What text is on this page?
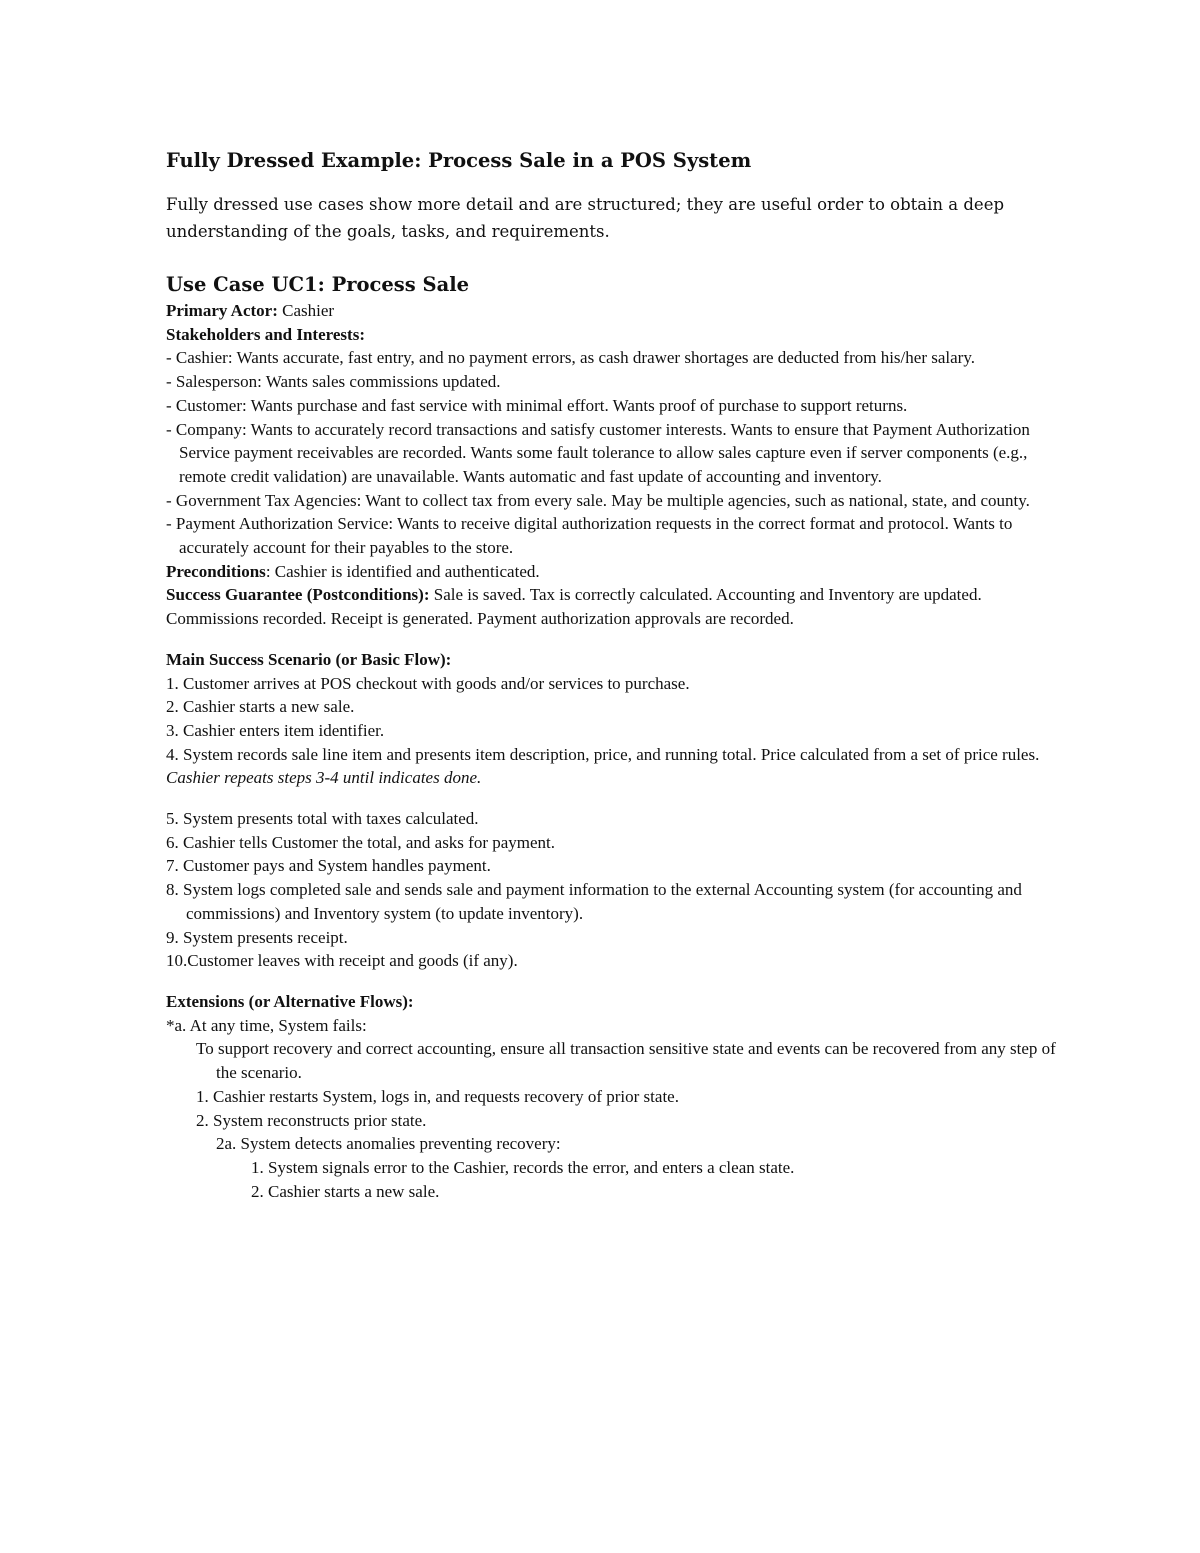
Fully Dressed Example: Process Sale in a POS System

Fully dressed use cases show more detail and are structured; they are useful order to obtain a deep understanding of the goals, tasks, and requirements.

Use Case UC1: Process Sale

Primary Actor: Cashier

Stakeholders and Interests:

- Cashier: Wants accurate, fast entry, and no payment errors, as cash drawer shortages are deducted from his/her salary.

- Salesperson: Wants sales commissions updated.

- Customer: Wants purchase and fast service with minimal effort. Wants proof of purchase to support returns.

- Company: Wants to accurately record transactions and satisfy customer interests. Wants to ensure that Payment Authorization Service payment receivables are recorded. Wants some fault tolerance to allow sales capture even if server components (e.g., remote credit validation) are unavailable. Wants automatic and fast update of accounting and inventory.

- Government Tax Agencies: Want to collect tax from every sale. May be multiple agencies, such as national, state, and county.

- Payment Authorization Service: Wants to receive digital authorization requests in the correct format and protocol. Wants to accurately account for their payables to the store.

Preconditions: Cashier is identified and authenticated.

Success Guarantee (Postconditions): Sale is saved. Tax is correctly calculated. Accounting and Inventory are updated. Commissions recorded. Receipt is generated. Payment authorization approvals are recorded.

Main Success Scenario (or Basic Flow):

1. Customer arrives at POS checkout with goods and/or services to purchase.

2. Cashier starts a new sale.

3. Cashier enters item identifier.

4. System records sale line item and presents item description, price, and running total. Price calculated from a set of price rules.

Cashier repeats steps 3-4 until indicates done.

5. System presents total with taxes calculated.

6. Cashier tells Customer the total, and asks for payment.

7. Customer pays and System handles payment.

8. System logs completed sale and sends sale and payment information to the external Accounting system (for accounting and commissions) and Inventory system (to update inventory).

9. System presents receipt.

10.Customer leaves with receipt and goods (if any).

Extensions (or Alternative Flows):

*a. At any time, System fails:

To support recovery and correct accounting, ensure all transaction sensitive state and events can be recovered from any step of the scenario.

1. Cashier restarts System, logs in, and requests recovery of prior state.

2. System reconstructs prior state.

2a. System detects anomalies preventing recovery:

1. System signals error to the Cashier, records the error, and enters a clean state.

2. Cashier starts a new sale.
